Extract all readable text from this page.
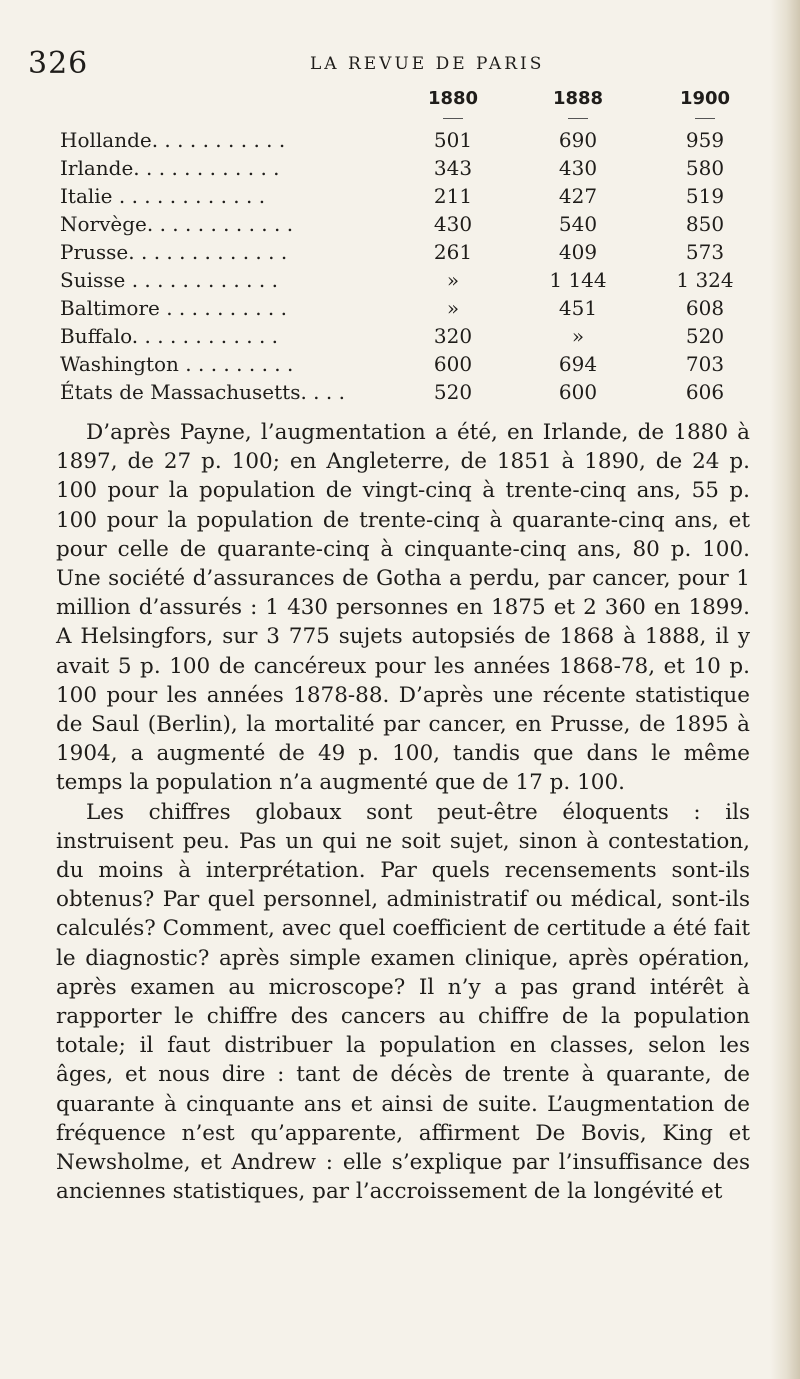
326	LA REVUE DE PARIS
1880	1888	1900
Hollande. . . . . . . . . . .	501	690	959
Irlande. . . . . . . . . . . .	343	430	580
Italie . . . . . . . . . . . .	211	427	519
Norvège. . . . . . . . . . . .	430	540	850
Prusse. . . . . . . . . . . . .	261	409	573
Suisse . . . . . . . . . . . .	»	1 144	1 324
Baltimore . . . . . . . . . .	»	451	608
Buffalo. . . . . . . . . . . .	320	»	520
Washington . . . . . . . . .	600	694	703
États de Massachusetts. . . .	520	600	606

D’après Payne, l’augmentation a été, en Irlande, de 1880 à 1897, de 27 p. 100; en Angleterre, de 1851 à 1890, de 24 p. 100 pour la population de vingt-cinq à trente-cinq ans, 55 p. 100 pour la population de trente-cinq à quarante-cinq ans, et pour celle de quarante-cinq à cinquante-cinq ans, 80 p. 100. Une société d’assurances de Gotha a perdu, par cancer, pour 1 million d’assurés : 1 430 personnes en 1875 et 2 360 en 1899. A Helsingfors, sur 3 775 sujets autopsiés de 1868 à 1888, il y avait 5 p. 100 de cancéreux pour les années 1868-78, et 10 p. 100 pour les années 1878-88. D’après une récente statistique de Saul (Berlin), la mortalité par cancer, en Prusse, de 1895 à 1904, a augmenté de 49 p. 100, tandis que dans le même temps la population n’a augmenté que de 17 p. 100.

Les chiffres globaux sont peut-être éloquents : ils instruisent peu. Pas un qui ne soit sujet, sinon à contestation, du moins à interprétation. Par quels recensements sont-ils obtenus? Par quel personnel, administratif ou médical, sont-ils calculés? Comment, avec quel coefficient de certitude a été fait le diagnostic? après simple examen clinique, après opération, après examen au microscope? Il n’y a pas grand intérêt à rapporter le chiffre des cancers au chiffre de la population totale; il faut distribuer la population en classes, selon les âges, et nous dire : tant de décès de trente à quarante, de quarante à cinquante ans et ainsi de suite. L’augmentation de fréquence n’est qu’apparente, affirment De Bovis, King et Newsholme, et Andrew : elle s’explique par l’insuffisance des anciennes statistiques, par l’accroissement de la longévité et
